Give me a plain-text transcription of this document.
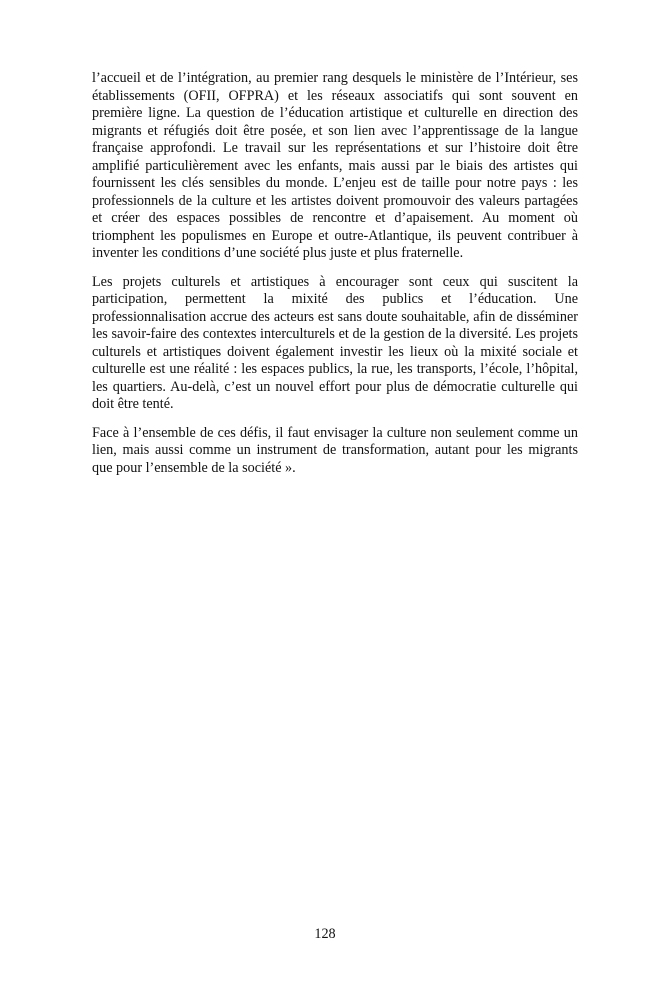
l’accueil et de l’intégration, au premier rang desquels le ministère de l’Intérieur, ses établissements (OFII, OFPRA) et les réseaux associatifs qui sont souvent en première ligne. La question de l’éducation artistique et culturelle en direction des migrants et réfugiés doit être posée, et son lien avec l’apprentissage de la langue française approfondi. Le travail sur les représentations et sur l’histoire doit être amplifié particulièrement avec les enfants, mais aussi par le biais des artistes qui fournissent les clés sensibles du monde. L’enjeu est de taille pour notre pays : les professionnels de la culture et les artistes doivent promouvoir des valeurs partagées et créer des espaces possibles de rencontre et d’apaisement. Au moment où triomphent les populismes en Europe et outre-Atlantique, ils peuvent contribuer à inventer les conditions d’une société plus juste et plus fraternelle.

Les projets culturels et artistiques à encourager sont ceux qui suscitent la participation, permettent la mixité des publics et l’éducation. Une professionnalisation accrue des acteurs est sans doute souhaitable, afin de disséminer les savoir-faire des contextes interculturels et de la gestion de la diversité. Les projets culturels et artistiques doivent également investir les lieux où la mixité sociale et culturelle est une réalité : les espaces publics, la rue, les transports, l’école, l’hôpital, les quartiers. Au-delà, c’est un nouvel effort pour plus de démocratie culturelle qui doit être tenté.

Face à l’ensemble de ces défis, il faut envisager la culture non seulement comme un lien, mais aussi comme un instrument de transformation, autant pour les migrants que pour l’ensemble de la société ».

128
